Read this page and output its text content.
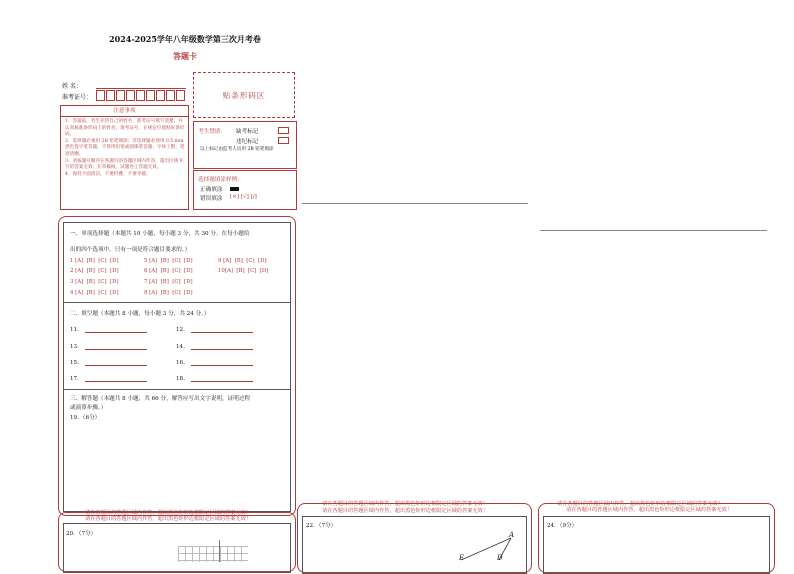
2024-2025学年八年级数学第三次月考卷
答题卡
姓 名：
准考证号：	贴条形码区
注意事项
1．答题前，考生先将自己的姓名、准考证号填写清楚，并认真核准条形码上的姓名、准考证号，在规定位置贴好条形码。
2．选择题必须用 2B 铅笔填涂；非选择题必须用 0.5 mm 黑色签字笔答题，不得用铅笔或圆珠笔答题；字体工整、笔迹清晰。
3．请按题号顺序在各题目的答题区域内作答，超出区域书写的答案无效；在草稿纸、试题卷上答题无效。
4．保持卡面清洁，不要折叠、不要弄破。
考生禁填： 缺考标记
违纪标记
以上标记由监考人员用 2B 铅笔填涂
选择题填涂样例：
正确填涂
错误填涂 [×] [√] [/]
一、单项选择题（本题共 10 小题，每小题 3 分，共 30 分。在每小题给
出的四个选项中，只有一项是符合题目要求的。）
1 [A]  [B]  [C]  [D]	5 [A]  [B]  [C]  [D]	9 [A]  [B]  [C]  [D]
2 [A]  [B]  [C]  [D]	6 [A]  [B]  [C]  [D]	10[A]  [B]  [C]  [D]
3 [A]  [B]  [C]  [D]	7 [A]  [B]  [C]  [D]
4 [A]  [B]  [C]  [D]	8 [A]  [B]  [C]  [D]
二、填空题（本题共 8 小题，每小题 3 分，共 24 分。）
11.	12.
13.	14.
15.	16.
17.	18.
三、解答题（本题共 8 小题，共 66 分，解答应写出文字说明，证明过程
或演算步骤。）
19．（6分）
请在各题目的答题区域内作答，超出黑色矩形边框限定区域的答案无效！
请在各题目的答题区域内作答，超出黑色矩形边框限定区域的答案无效！
请在各题目的答题区域内作答，超出黑色矩形边框限定区域的答案无效！
请在各题目的答题区域内作答，超出黑色矩形边框限定区域的答案无效！
请在各题目的答题区域内作答，超出黑色矩形边框限定区域的答案无效！
请在各题目的答题区域内作答，超出黑色矩形边框限定区域的答案无效！
20．（7分）
22．（7分）
A
E	D
24．（9分）
